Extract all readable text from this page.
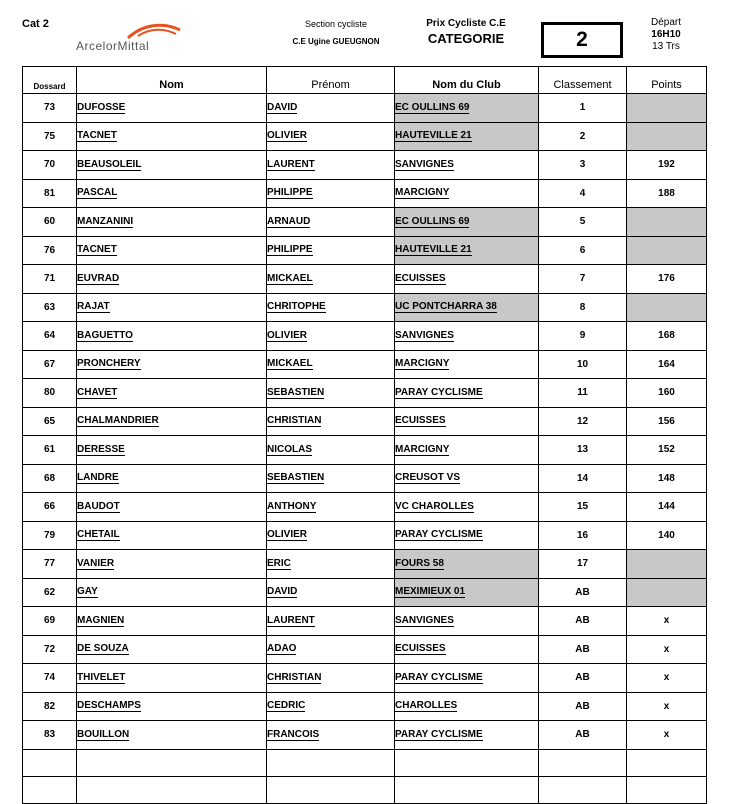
Cat 2
ArcelorMittal
Section cycliste
C.E Ugine GUEUGNON
Prix Cycliste C.E
CATEGORIE	2
Départ
16H10
13 Trs
Dossard	Nom	Prénom	Nom du Club	Classement	Points
73	DUFOSSE	DAVID	EC OULLINS 69	1	
75	TACNET	OLIVIER	HAUTEVILLE 21	2	
70	BEAUSOLEIL	LAURENT	SANVIGNES	3	192
81	PASCAL	PHILIPPE	MARCIGNY	4	188
60	MANZANINI	ARNAUD	EC OULLINS 69	5	
76	TACNET	PHILIPPE	HAUTEVILLE 21	6	
71	EUVRAD	MICKAEL	ECUISSES	7	176
63	RAJAT	CHRITOPHE	UC PONTCHARRA 38	8	
64	BAGUETTO	OLIVIER	SANVIGNES	9	168
67	PRONCHERY	MICKAEL	MARCIGNY	10	164
80	CHAVET	SEBASTIEN	PARAY CYCLISME	11	160
65	CHALMANDRIER	CHRISTIAN	ECUISSES	12	156
61	DERESSE	NICOLAS	MARCIGNY	13	152
68	LANDRE	SEBASTIEN	CREUSOT VS	14	148
66	BAUDOT	ANTHONY	VC CHAROLLES	15	144
79	CHETAIL	OLIVIER	PARAY CYCLISME	16	140
77	VANIER	ERIC	FOURS 58	17	
62	GAY	DAVID	MEXIMIEUX 01	AB	
69	MAGNIEN	LAURENT	SANVIGNES	AB	x
72	DE SOUZA	ADAO	ECUISSES	AB	x
74	THIVELET	CHRISTIAN	PARAY CYCLISME	AB	x
82	DESCHAMPS	CEDRIC	CHAROLLES	AB	x
83	BOUILLON	FRANCOIS	PARAY CYCLISME	AB	x
